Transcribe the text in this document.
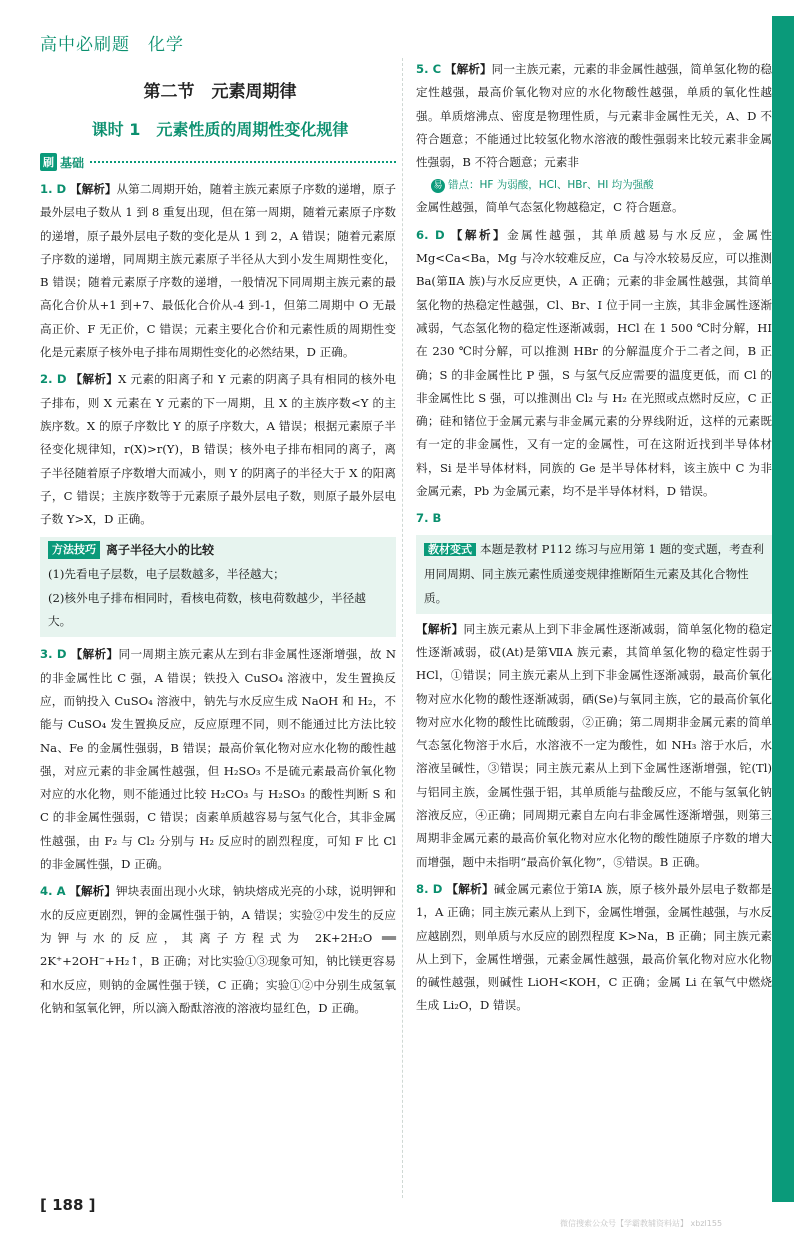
高中必刷题　化学
第二节　元素周期律
课时 1　元素性质的周期性变化规律
刷 基础
1. D 【解析】从第二周期开始，随着主族元素原子序数的递增，原子最外层电子数从 1 到 8 重复出现，但在第一周期，随着元素原子序数的递增，原子最外层电子数的变化是从 1 到 2，A 错误；随着元素原子序数的递增，同周期主族元素原子半径从大到小发生周期性变化，B 错误；随着元素原子序数的递增，一般情况下同周期主族元素的最高化合价从+1 到+7、最低化合价从-4 到-1，但第二周期中 O 无最高正价、F 无正价，C 错误；元素主要化合价和元素性质的周期性变化是元素原子核外电子排布周期性变化的必然结果，D 正确。
2. D 【解析】X 元素的阳离子和 Y 元素的阴离子具有相同的核外电子排布，则 X 元素在 Y 元素的下一周期，且 X 的主族序数<Y 的主族序数。X 的原子序数比 Y 的原子序数大，A 错误；根据元素原子半径变化规律知，r(X)>r(Y)，B 错误；核外电子排布相同的离子，离子半径随着原子序数增大而减小，则 Y 的阴离子的半径大于 X 的阳离子，C 错误；主族序数等于元素原子最外层电子数，则原子最外层电子数 Y>X，D 正确。
方法技巧 离子半径大小的比较
(1)先看电子层数，电子层数越多，半径越大；
(2)核外电子排布相同时，看核电荷数，核电荷数越少，半径越大。
3. D 【解析】同一周期主族元素从左到右非金属性逐渐增强，故 N 的非金属性比 C 强，A 错误；铁投入 CuSO₄ 溶液中，发生置换反应，而钠投入 CuSO₄ 溶液中，钠先与水反应生成 NaOH 和 H₂，不能与 CuSO₄ 发生置换反应，反应原理不同，则不能通过比方法比较 Na、Fe 的金属性强弱，B 错误；最高价氧化物对应水化物的酸性越强，对应元素的非金属性越强，但 H₂SO₃ 不是硫元素最高价氧化物对应的水化物，则不能通过比较 H₂CO₃ 与 H₂SO₃ 的酸性判断 S 和 C 的非金属性强弱，C 错误；卤素单质越容易与氢气化合，其非金属性越强，由 F₂ 与 Cl₂ 分别与 H₂ 反应时的剧烈程度，可知 F 比 Cl 的非金属性强，D 正确。
4. A 【解析】钾块表面出现小火球，钠块熔成光亮的小球，说明钾和水的反应更剧烈，钾的金属性强于钠，A 错误；实验②中发生的反应为钾与水的反应，其离子方程式为 2K+2H₂O ══ 2K⁺+2OH⁻+H₂↑，B 正确；对比实验①③现象可知，钠比镁更容易和水反应，则钠的金属性强于镁，C 正确；实验①②中分别生成氢氧化钠和氢氧化钾，所以滴入酚酞溶液的溶液均显红色，D 正确。
5. C 【解析】同一主族元素，元素的非金属性越强，简单氢化物的稳定性越强，最高价氧化物对应的水化物酸性越强，单质的氧化性越强。单质熔沸点、密度是物理性质，与元素非金属性无关，A、D 不符合题意；不能通过比较氢化物水溶液的酸性强弱来比较元素非金属性强弱，B 不符合题意；元素非
易 错点：HF 为弱酸，HCl、HBr、HI 均为强酸
金属性越强，简单气态氢化物越稳定，C 符合题意。
6. D 【解析】金属性越强，其单质越易与水反应，金属性 Mg<Ca<Ba，Mg 与冷水较难反应，Ca 与冷水较易反应，可以推测 Ba(第ⅡA 族)与水反应更快，A 正确；元素的非金属性越强，其简单氢化物的热稳定性越强，Cl、Br、I 位于同一主族，其非金属性逐渐减弱，气态氢化物的稳定性逐渐减弱，HCl 在 1 500 ℃时分解，HI 在 230 ℃时分解，可以推测 HBr 的分解温度介于二者之间，B 正确；S 的非金属性比 P 强，S 与氢气反应需要的温度更低，而 Cl 的非金属性比 S 强，可以推测出 Cl₂ 与 H₂ 在光照或点燃时反应，C 正确；硅和锗位于金属元素与非金属元素的分界线附近，这样的元素既有一定的非金属性，又有一定的金属性，可在这附近找到半导体材料，Si 是半导体材料，同族的 Ge 是半导体材料，该主族中 C 为非金属元素，Pb 为金属元素，均不是半导体材料，D 错误。
7. B
教材变式 本题是教材 P112 练习与应用第 1 题的变式题，考查利用同周期、同主族元素性质递变规律推断陌生元素及其化合物性质。
【解析】同主族元素从上到下非金属性逐渐减弱，简单氢化物的稳定性逐渐减弱，砹(At)是第ⅦA 族元素，其简单氢化物的稳定性弱于 HCl，①错误；同主族元素从上到下非金属性逐渐减弱，最高价氧化物对应水化物的酸性逐渐减弱，硒(Se)与氧同主族，它的最高价氧化物对应水化物的酸性比硫酸弱，②正确；第二周期非金属元素的简单气态氢化物溶于水后，水溶液不一定为酸性，如 NH₃ 溶于水后，水溶液呈碱性，③错误；同主族元素从上到下金属性逐渐增强，铊(Tl)与铝同主族，金属性强于铝，其单质能与盐酸反应，不能与氢氧化钠溶液反应，④正确；同周期元素自左向右非金属性逐渐增强，则第三周期非金属元素的最高价氧化物对应水化物的酸性随原子序数的增大而增强，题中未指明“最高价氧化物”，⑤错误。B 正确。
8. D 【解析】碱金属元素位于第ⅠA 族，原子核外最外层电子数都是 1，A 正确；同主族元素从上到下，金属性增强，金属性越强，与水反应越剧烈，则单质与水反应的剧烈程度 K>Na，B 正确；同主族元素从上到下，金属性增强，元素金属性越强，最高价氧化物对应水化物的碱性越强，则碱性 LiOH<KOH，C 正确；金属 Li 在氧气中燃烧生成 Li₂O，D 错误。
[ 188 ]
微信搜索公众号【学霸教辅资料站】 xbzl155
